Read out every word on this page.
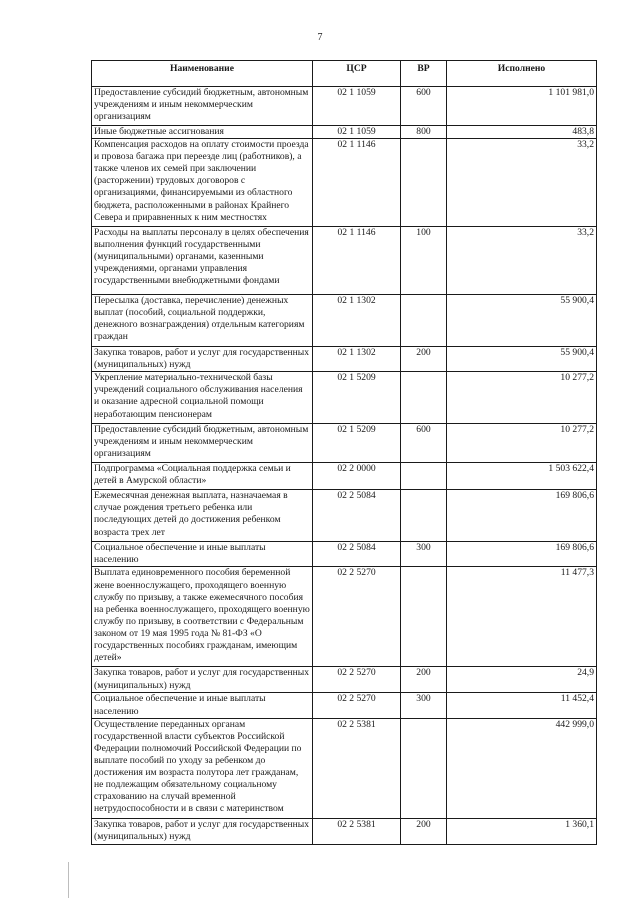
7
Наименование	ЦСР	ВР	Исполнено
Предоставление субсидий бюджетным, автономным учреждениям и иным некоммерческим организациям	02 1 1059	600	1 101 981,0
Иные бюджетные ассигнования	02 1 1059	800	483,8
Компенсация расходов на оплату стоимости проезда и провоза багажа при переезде лиц (работников), а также членов их семей при заключении (расторжении) трудовых договоров с организациями, финансируемыми из областного бюджета, расположенными в районах Крайнего Севера и приравненных к ним местностях	02 1 1146		33,2
Расходы на выплаты персоналу в целях обеспечения выполнения функций государственными (муниципальными) органами, казенными учреждениями, органами управления государственными внебюджетными фондами	02 1 1146	100	33,2
Пересылка (доставка, перечисление) денежных выплат (пособий, социальной поддержки, денежного вознаграждения) отдельным категориям граждан	02 1 1302		55 900,4
Закупка товаров, работ и услуг для государственных (муниципальных) нужд	02 1 1302	200	55 900,4
Укрепление материально-технической базы учреждений социального обслуживания населения и оказание адресной социальной помощи неработающим пенсионерам	02 1 5209		10 277,2
Предоставление субсидий бюджетным, автономным учреждениям и иным некоммерческим организациям	02 1 5209	600	10 277,2
Подпрограмма «Социальная поддержка семьи и детей в Амурской области»	02 2 0000		1 503 622,4
Ежемесячная денежная выплата, назначаемая в случае рождения третьего ребенка или последующих детей до достижения ребенком возраста трех лет	02 2 5084		169 806,6
Социальное обеспечение и иные выплаты населению	02 2 5084	300	169 806,6
Выплата единовременного пособия беременной жене военнослужащего, проходящего военную службу по призыву, а также ежемесячного пособия на ребенка военнослужащего, проходящего военную службу по призыву, в соответствии с Федеральным законом от 19 мая 1995 года № 81-ФЗ «О государственных пособиях гражданам, имеющим детей»	02 2 5270		11 477,3
Закупка товаров, работ и услуг для государственных (муниципальных) нужд	02 2 5270	200	24,9
Социальное обеспечение и иные выплаты населению	02 2 5270	300	11 452,4
Осуществление переданных органам государственной власти субъектов Российской Федерации полномочий Российской Федерации по выплате пособий по уходу за ребенком до достижения им возраста полутора лет гражданам, не подлежащим обязательному социальному страхованию на случай временной нетрудоспособности и в связи с материнством	02 2 5381		442 999,0
Закупка товаров, работ и услуг для государственных (муниципальных) нужд	02 2 5381	200	1 360,1
